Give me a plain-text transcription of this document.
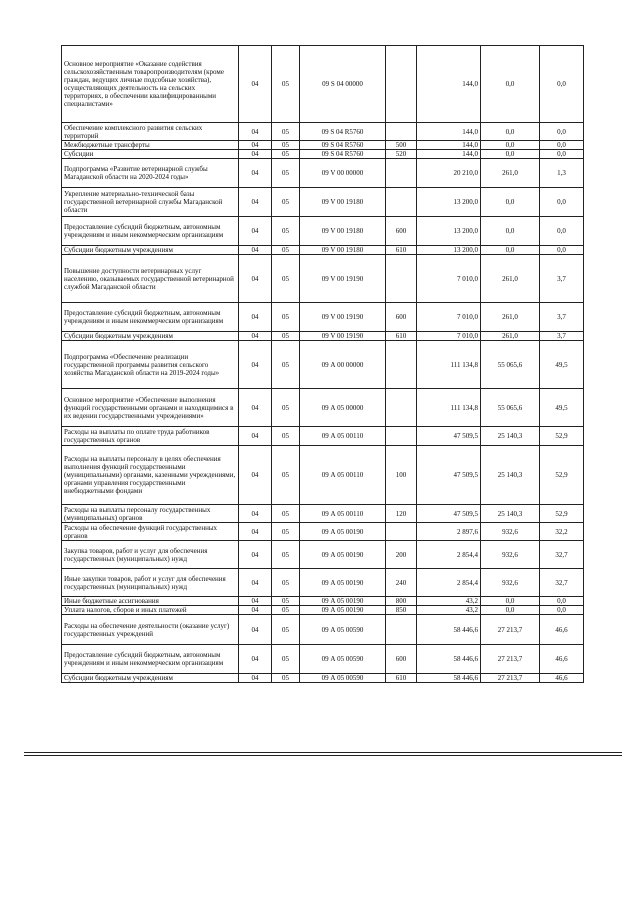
Основное мероприятие «Оказание содействия сельскохозяйственным товаропроизводителям (кроме граждан, ведущих личные подсобные хозяйства), осуществляющих деятельность на сельских территориях, в обеспечении квалифицированными специалистами»	04	05	09 S 04 00000		144,0	0,0	0,0
Обеспечение комплексного развития сельских территорий	04	05	09 S 04 R5760		144,0	0,0	0,0
Межбюджетные трансферты	04	05	09 S 04 R5760	500	144,0	0,0	0,0
Субсидии	04	05	09 S 04 R5760	520	144,0	0,0	0,0
Подпрограмма «Развитие ветеринарной службы Магаданской области на 2020-2024 годы»	04	05	09 V 00 00000		20 210,0	261,0	1,3
Укрепление материально-технической базы государственной ветеринарной службы Магаданской области	04	05	09 V 00 19180		13 200,0	0,0	0,0
Предоставление субсидий бюджетным, автономным учреждениям и иным некоммерческим организациям	04	05	09 V 00 19180	600	13 200,0	0,0	0,0
Субсидии бюджетным учреждениям	04	05	09 V 00 19180	610	13 200,0	0,0	0,0
Повышение доступности ветеринарных услуг населению, оказываемых государственной ветеринарной службой Магаданской области	04	05	09 V 00 19190		7 010,0	261,0	3,7
Предоставление субсидий бюджетным, автономным учреждениям и иным некоммерческим организациям	04	05	09 V 00 19190	600	7 010,0	261,0	3,7
Субсидии бюджетным учреждениям	04	05	09 V 00 19190	610	7 010,0	261,0	3,7
Подпрограмма «Обеспечение реализации государственной программы развития сельского хозяйства Магаданской области на 2019-2024 годы»	04	05	09 А 00 00000		111 134,8	55 065,6	49,5
Основное мероприятие «Обеспечение выполнения функций государственными органами и находящимися в их ведении государственными учреждениями»	04	05	09 А 05 00000		111 134,8	55 065,6	49,5
Расходы на выплаты по оплате труда работников государственных органов	04	05	09 А 05 00110		47 509,5	25 140,3	52,9
Расходы на выплаты персоналу в целях обеспечения выполнения функций государственными (муниципальными) органами, казенными учреждениями, органами управления государственными внебюджетными фондами	04	05	09 А 05 00110	100	47 509,5	25 140,3	52,9
Расходы на выплаты персоналу государственных (муниципальных) органов	04	05	09 А 05 00110	120	47 509,5	25 140,3	52,9
Расходы на обеспечение функций государственных органов	04	05	09 А 05 00190		2 897,6	932,6	32,2
Закупка товаров, работ и услуг для обеспечения государственных (муниципальных) нужд	04	05	09 А 05 00190	200	2 854,4	932,6	32,7
Иные закупки товаров, работ и услуг для обеспечения государственных (муниципальных) нужд	04	05	09 А 05 00190	240	2 854,4	932,6	32,7
Иные бюджетные ассигнования	04	05	09 А 05 00190	800	43,2	0,0	0,0
Уплата налогов, сборов и иных платежей	04	05	09 А 05 00190	850	43,2	0,0	0,0
Расходы на обеспечение деятельности (оказание услуг) государственных учреждений	04	05	09 А 05 00590		58 446,6	27 213,7	46,6
Предоставление субсидий бюджетным, автономным учреждениям и иным некоммерческим организациям	04	05	09 А 05 00590	600	58 446,6	27 213,7	46,6
Субсидии бюджетным учреждениям	04	05	09 А 05 00590	610	58 446,6	27 213,7	46,6
